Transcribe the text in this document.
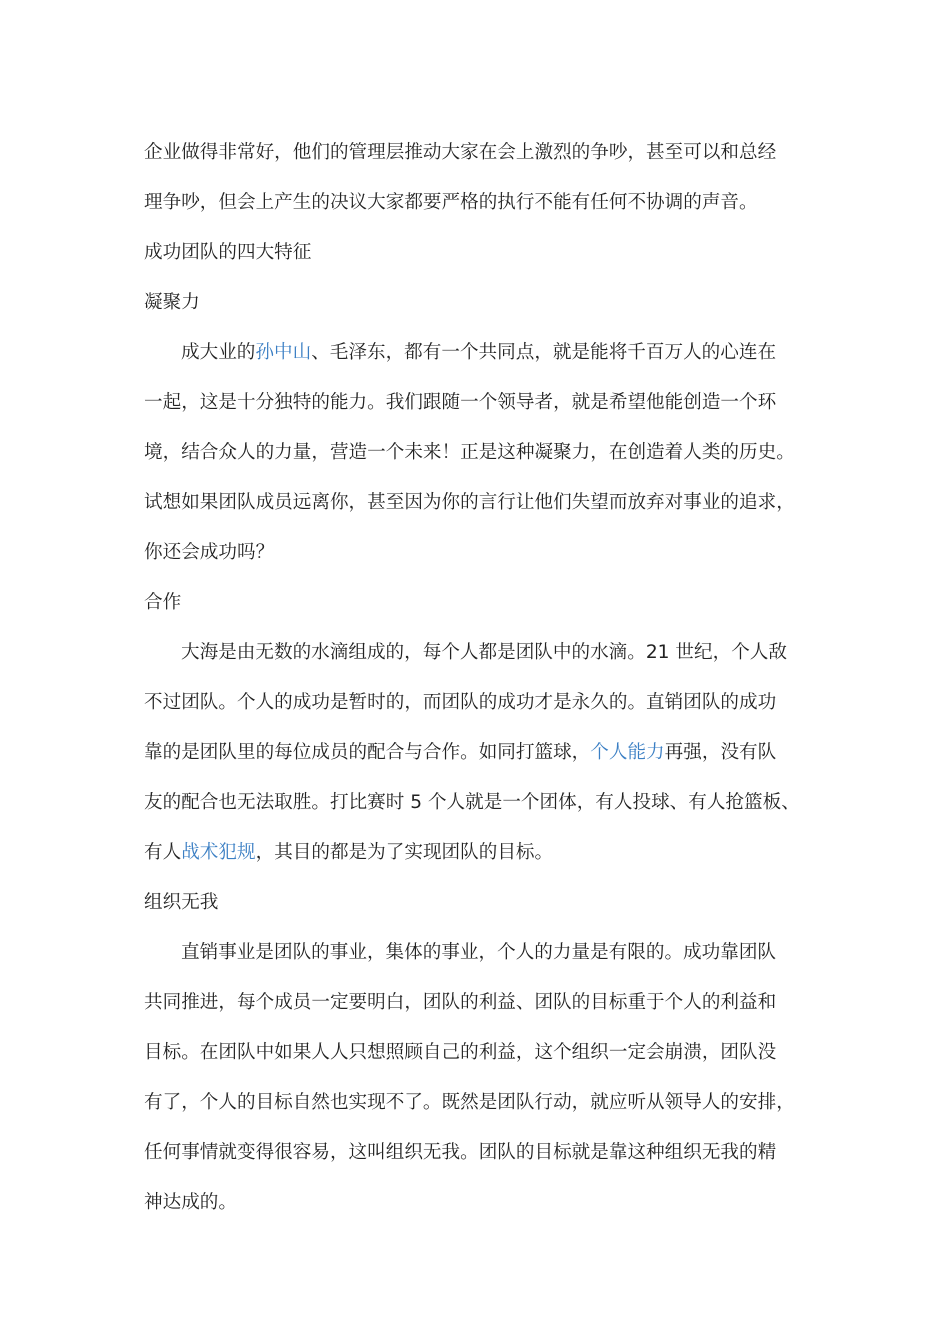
企业做得非常好，他们的管理层推动大家在会上激烈的争吵，甚至可以和总经

理争吵，但会上产生的决议大家都要严格的执行不能有任何不协调的声音。

成功团队的四大特征

凝聚力

成大业的孙中山、毛泽东，都有一个共同点，就是能将千百万人的心连在

一起，这是十分独特的能力。我们跟随一个领导者，就是希望他能创造一个环

境，结合众人的力量，营造一个未来！正是这种凝聚力，在创造着人类的历史。

试想如果团队成员远离你，甚至因为你的言行让他们失望而放弃对事业的追求，

你还会成功吗？

合作

大海是由无数的水滴组成的，每个人都是团队中的水滴。21 世纪，个人敌

不过团队。个人的成功是暂时的，而团队的成功才是永久的。直销团队的成功

靠的是团队里的每位成员的配合与合作。如同打篮球，个人能力再强，没有队

友的配合也无法取胜。打比赛时 5 个人就是一个团体，有人投球、有人抢篮板、

有人战术犯规，其目的都是为了实现团队的目标。

组织无我

直销事业是团队的事业，集体的事业，个人的力量是有限的。成功靠团队

共同推进，每个成员一定要明白，团队的利益、团队的目标重于个人的利益和

目标。在团队中如果人人只想照顾自己的利益，这个组织一定会崩溃，团队没

有了，个人的目标自然也实现不了。既然是团队行动，就应听从领导人的安排，

任何事情就变得很容易，这叫组织无我。团队的目标就是靠这种组织无我的精

神达成的。
